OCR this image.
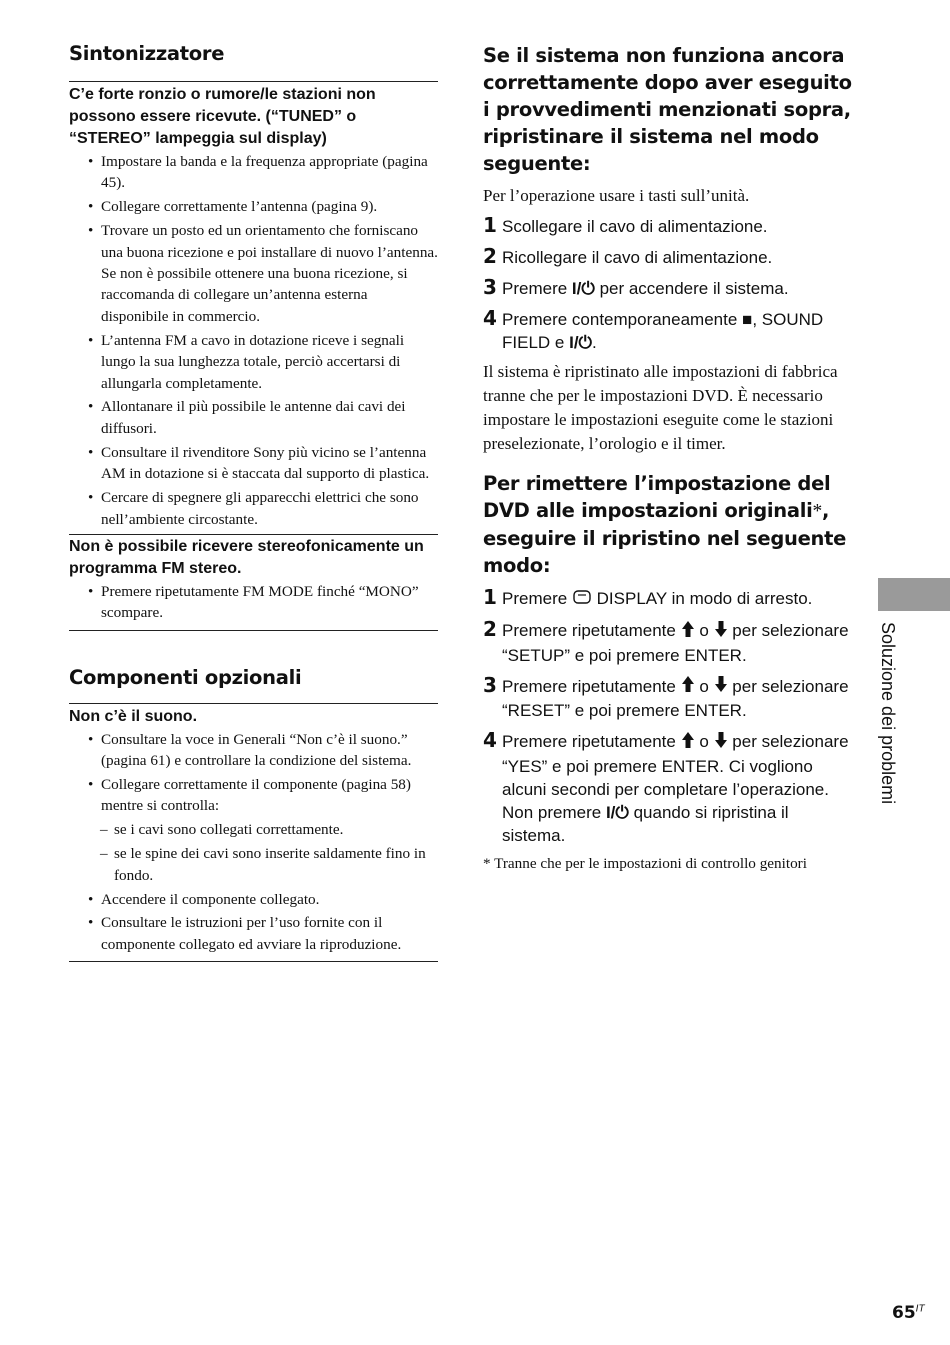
Sintonizzatore

C’e forte ronzio o rumore/le stazioni non possono essere ricevute. (“TUNED” o “STEREO” lampeggia sul display)

• Impostare la banda e la frequenza appropriate (pagina 45).
• Collegare correttamente l’antenna (pagina 9).
• Trovare un posto ed un orientamento che forniscano una buona ricezione e poi installare di nuovo l’antenna. Se non è possibile ottenere una buona ricezione, si raccomanda di collegare un’antenna esterna disponibile in commercio.
• L’antenna FM a cavo in dotazione riceve i segnali lungo la sua lunghezza totale, perciò accertarsi di allungarla completamente.
• Allontanare il più possibile le antenne dai cavi dei diffusori.
• Consultare il rivenditore Sony più vicino se l’antenna AM in dotazione si è staccata dal supporto di plastica.
• Cercare di spegnere gli apparecchi elettrici che sono nell’ambiente circostante.

Non è possibile ricevere stereofonicamente un programma FM stereo.

• Premere ripetutamente FM MODE finché “MONO” scompare.
Componenti opzionali

Non c’è il suono.

• Consultare la voce in Generali “Non c’è il suono.” (pagina 61) e controllare la condizione del sistema.
• Collegare correttamente il componente (pagina 58) mentre si controlla:
– se i cavi sono collegati correttamente.
– se le spine dei cavi sono inserite saldamente fino in fondo.
• Accendere il componente collegato.
• Consultare le istruzioni per l’uso fornite con il componente collegato ed avviare la riproduzione.
Se il sistema non funziona ancora correttamente dopo aver eseguito i provvedimenti menzionati sopra, ripristinare il sistema nel modo seguente:

Per l’operazione usare i tasti sull’unità.

1 Scollegare il cavo di alimentazione.

2 Ricollegare il cavo di alimentazione.

3 Premere I/⏻ per accendere il sistema.

4 Premere contemporaneamente ■, SOUND FIELD e I/⏻.

Il sistema è ripristinato alle impostazioni di fabbrica tranne che per le impostazioni DVD. È necessario impostare le impostazioni eseguite come le stazioni preselezionate, l’orologio e il timer.

Per rimettere l’impostazione del DVD alle impostazioni originali*, eseguire il ripristino nel seguente modo:

1 Premere DISPLAY in modo di arresto.

2 Premere ripetutamente o per selezionare “SETUP” e poi premere ENTER.

3 Premere ripetutamente o per selezionare “RESET” e poi premere ENTER.

4 Premere ripetutamente o per selezionare “YES” e poi premere ENTER. Ci vogliono alcuni secondi per completare l’operazione. Non premere I/⏻ quando si ripristina il sistema.

* Tranne che per le impostazioni di controllo genitori

Soluzione dei problemi
$65^{IT}$
